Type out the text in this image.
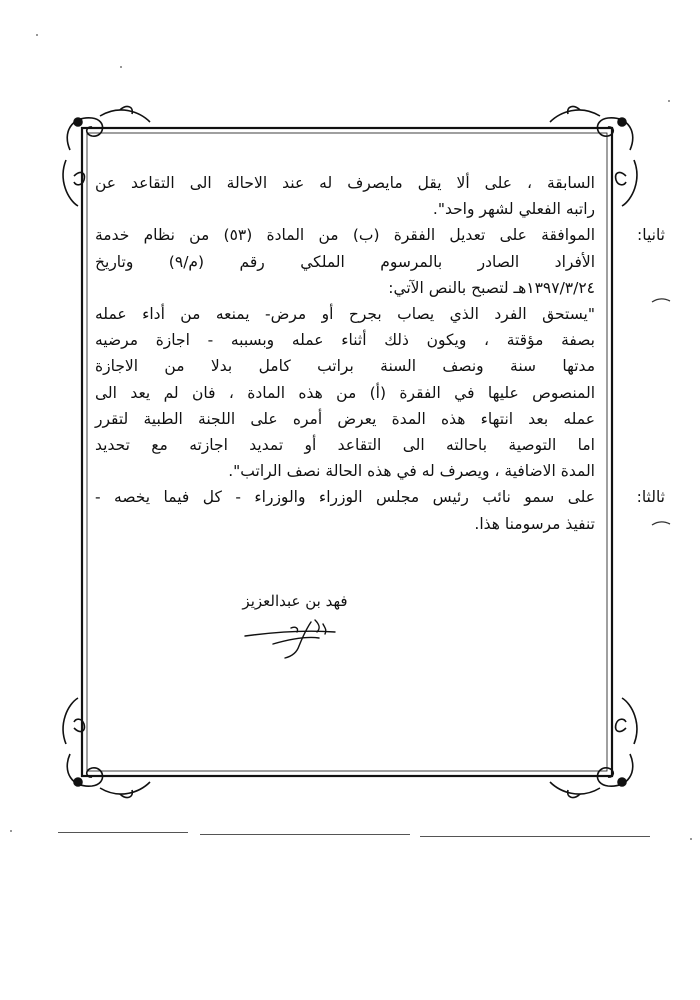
السابقة ، على ألا يقل مايصرف له عند الاحالة الى التقاعد عن
راتبه الفعلي لشهر واحد".
ثانيا:
الموافقة على تعديل الفقرة (ب) من المادة (٥٣) من نظام خدمة
الأفراد الصادر بالمرسوم الملكي رقم (م/٩) وتاريخ
١٣٩٧/٣/٢٤هـ لتصبح بالنص الآتي:
"يستحق الفرد الذي يصاب بجرح أو مرض- يمنعه من أداء عمله
بصفة مؤقتة ، ويكون ذلك أثناء عمله وبسببه - اجازة مرضيه
مدتها سنة ونصف السنة براتب كامل بدلا من الاجازة
المنصوص عليها في الفقرة (أ) من هذه المادة ، فان لم يعد الى
عمله بعد انتهاء هذه المدة يعرض أمره على اللجنة الطبية لتقرر
اما التوصية باحالته الى التقاعد أو تمديد اجازته مع تحديد
المدة الاضافية ، ويصرف له في هذه الحالة نصف الراتب".
ثالثا:
على سمو نائب رئيس مجلس الوزراء والوزراء - كل فيما يخصه -
تنفيذ مرسومنا هذا.
فهد بن عبدالعزيز
